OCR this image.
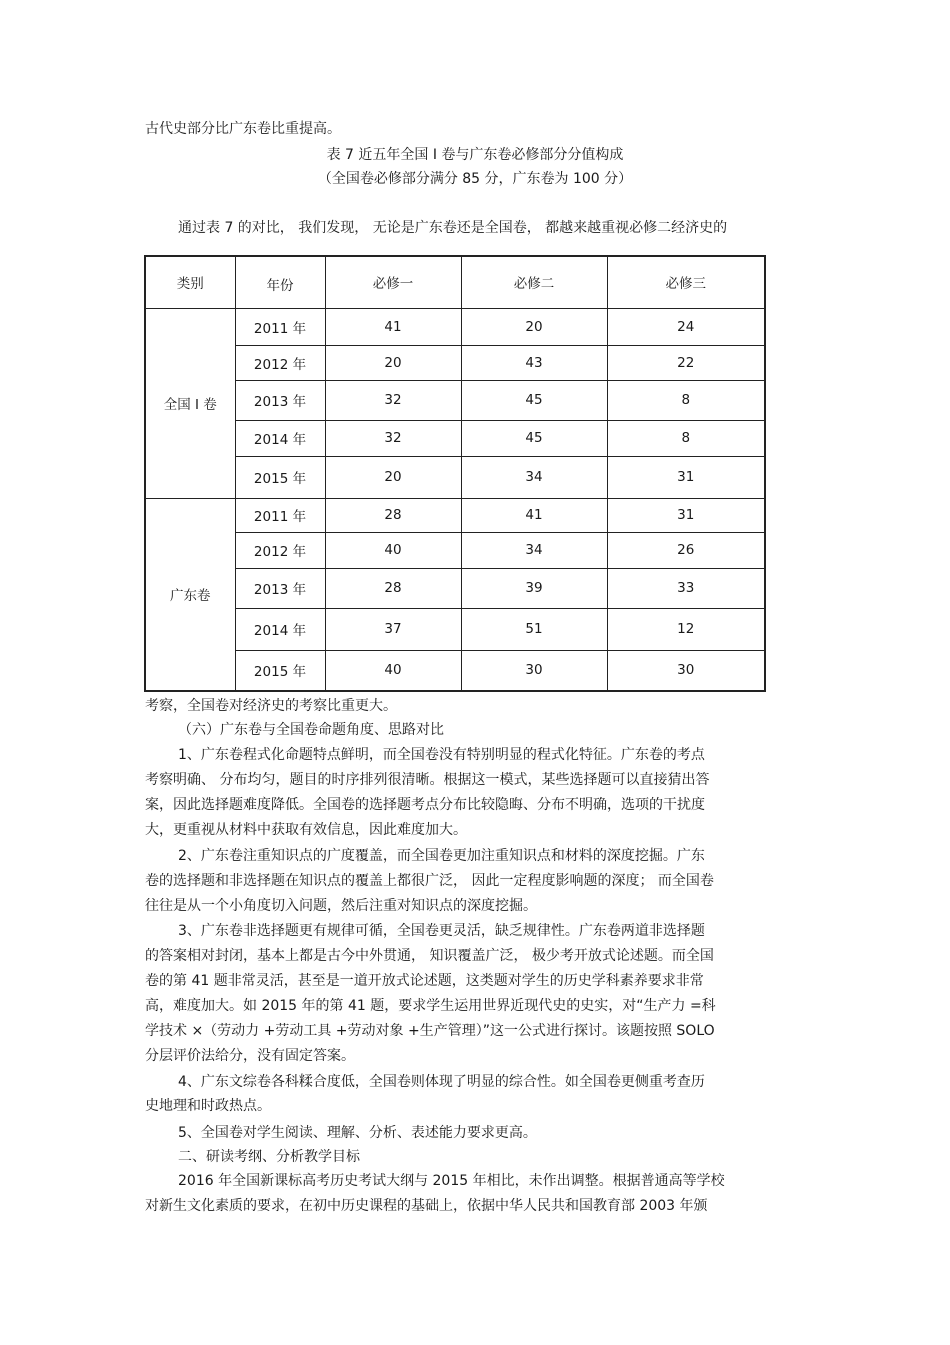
古代史部分比广东卷比重提高。
表 7 近五年全国 I 卷与广东卷必修部分分值构成
（全国卷必修部分满分 85 分，广东卷为 100 分）
通过表 7 的对比， 我们发现， 无论是广东卷还是全国卷， 都越来越重视必修二经济史的
类别	年份	必修一	必修二	必修三
全国 I 卷	2011 年	41	20	24
	2012 年	20	43	22
	2013 年	32	45	8
	2014 年	32	45	8
	2015 年	20	34	31
广东卷	2011 年	28	41	31
	2012 年	40	34	26
	2013 年	28	39	33
	2014 年	37	51	12
	2015 年	40	30	30
考察，全国卷对经济史的考察比重更大。
（六）广东卷与全国卷命题角度、思路对比
1、广东卷程式化命题特点鲜明，而全国卷没有特别明显的程式化特征。广东卷的考点
考察明确、 分布均匀，题目的时序排列很清晰。根据这一模式，某些选择题可以直接猜出答
案，因此选择题难度降低。全国卷的选择题考点分布比较隐晦、分布不明确，选项的干扰度
大，更重视从材料中获取有效信息，因此难度加大。
2、广东卷注重知识点的广度覆盖，而全国卷更加注重知识点和材料的深度挖掘。广东
卷的选择题和非选择题在知识点的覆盖上都很广泛， 因此一定程度影响题的深度； 而全国卷
往往是从一个小角度切入问题，然后注重对知识点的深度挖掘。
3、广东卷非选择题更有规律可循，全国卷更灵活，缺乏规律性。广东卷两道非选择题
的答案相对封闭，基本上都是古今中外贯通， 知识覆盖广泛， 极少考开放式论述题。而全国
卷的第 41 题非常灵活，甚至是一道开放式论述题，这类题对学生的历史学科素养要求非常
高，难度加大。如 2015 年的第 41 题，要求学生运用世界近现代史的史实，对“生产力 =科
学技术 ×（劳动力 +劳动工具 +劳动对象 +生产管理）”这一公式进行探讨。该题按照 SOLO
分层评价法给分，没有固定答案。
4、广东文综卷各科糅合度低，全国卷则体现了明显的综合性。如全国卷更侧重考查历
史地理和时政热点。
5、全国卷对学生阅读、理解、分析、表述能力要求更高。
二、研读考纲、分析教学目标
2016 年全国新课标高考历史考试大纲与 2015 年相比，未作出调整。根据普通高等学校
对新生文化素质的要求，在初中历史课程的基础上，依据中华人民共和国教育部 2003 年颁
